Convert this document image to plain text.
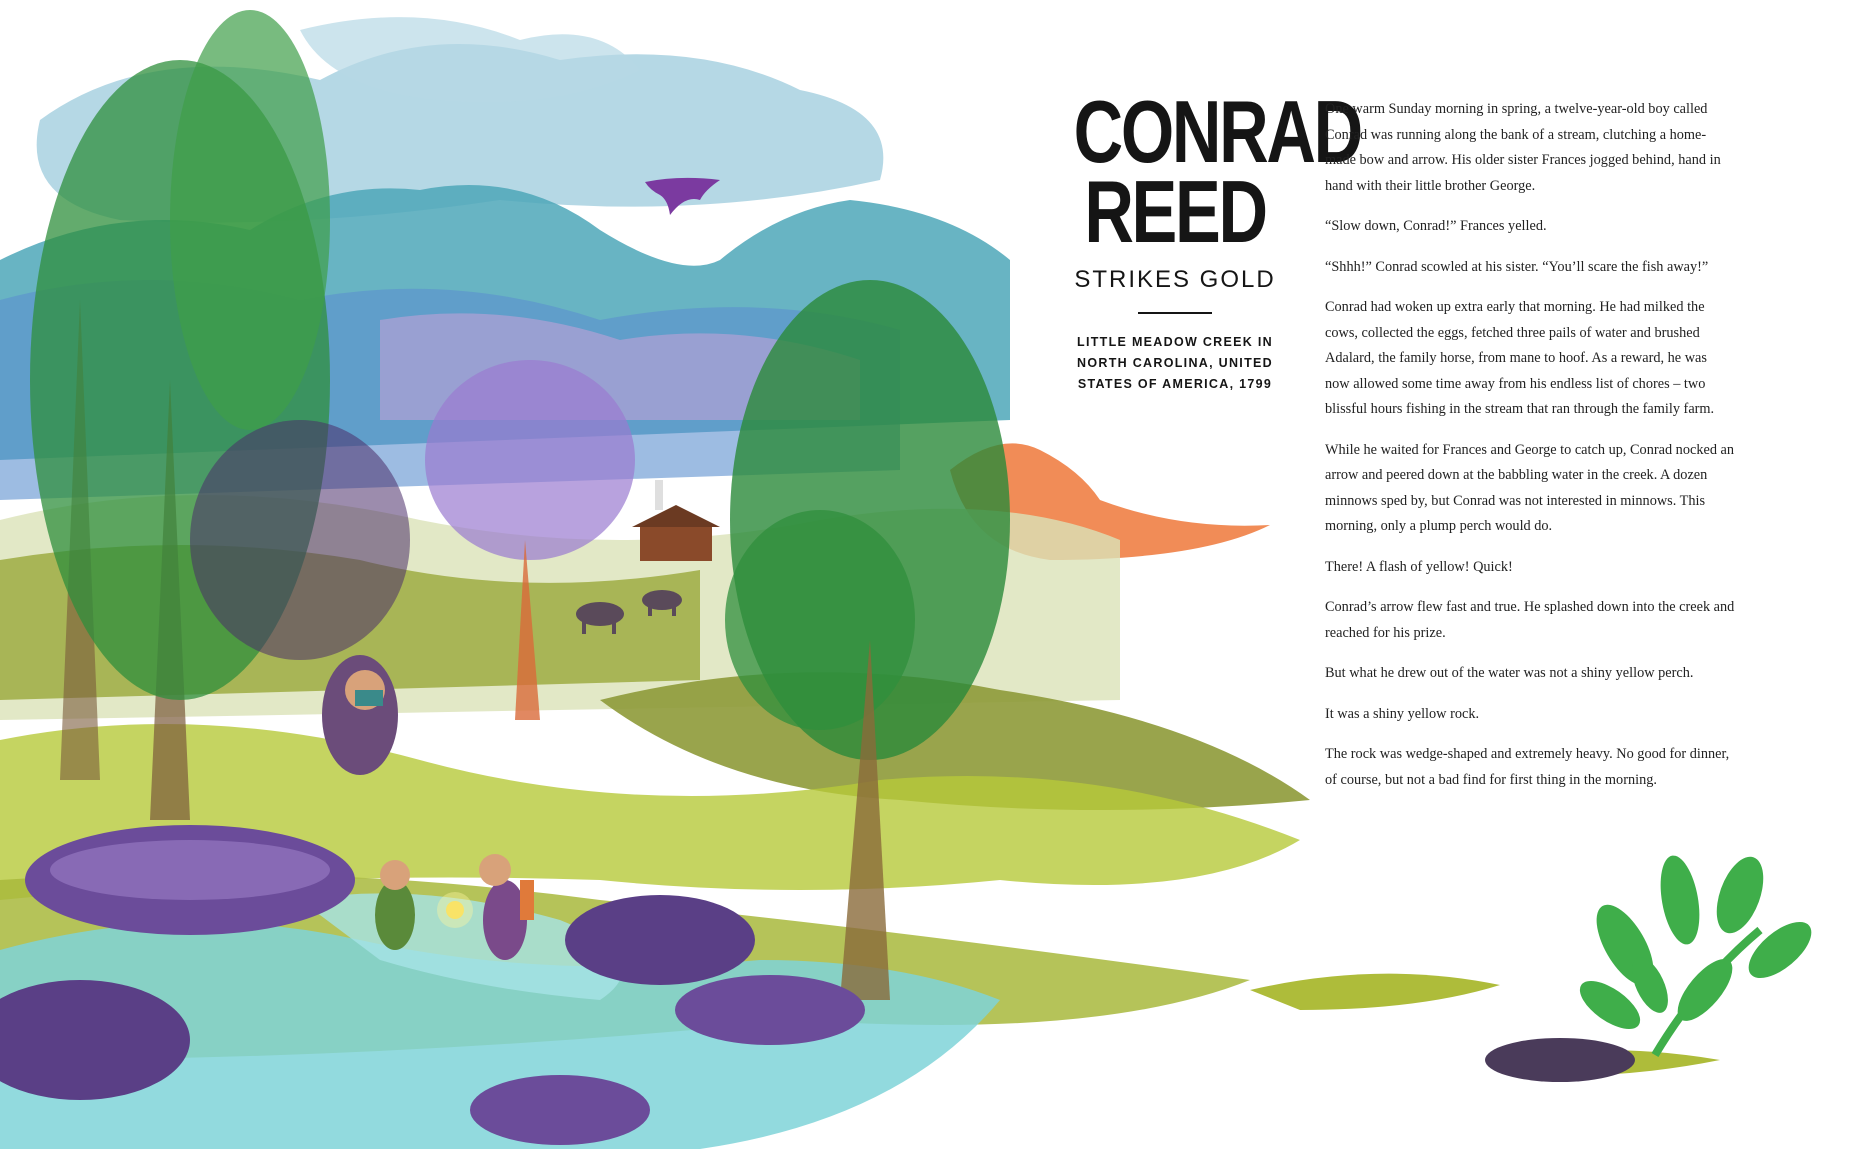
CONRAD
REED
STRIKES GOLD
LITTLE MEADOW CREEK IN
NORTH CAROLINA, UNITED
STATES OF AMERICA, 1799

One warm Sunday morning in spring, a twelve-year-old boy called Conrad was running along the bank of a stream, clutching a home-made bow and arrow. His older sister Frances jogged behind, hand in hand with their little brother George.

“Slow down, Conrad!” Frances yelled.

“Shhh!” Conrad scowled at his sister. “You’ll scare the fish away!”

Conrad had woken up extra early that morning. He had milked the cows, collected the eggs, fetched three pails of water and brushed Adalard, the family horse, from mane to hoof. As a reward, he was now allowed some time away from his endless list of chores – two blissful hours fishing in the stream that ran through the family farm.

While he waited for Frances and George to catch up, Conrad nocked an arrow and peered down at the babbling water in the creek. A dozen minnows sped by, but Conrad was not interested in minnows. This morning, only a plump perch would do.

There! A flash of yellow! Quick!

Conrad’s arrow flew fast and true. He splashed down into the creek and reached for his prize.

But what he drew out of the water was not a shiny yellow perch.

It was a shiny yellow rock.

The rock was wedge-shaped and extremely heavy. No good for dinner, of course, but not a bad find for first thing in the morning.
